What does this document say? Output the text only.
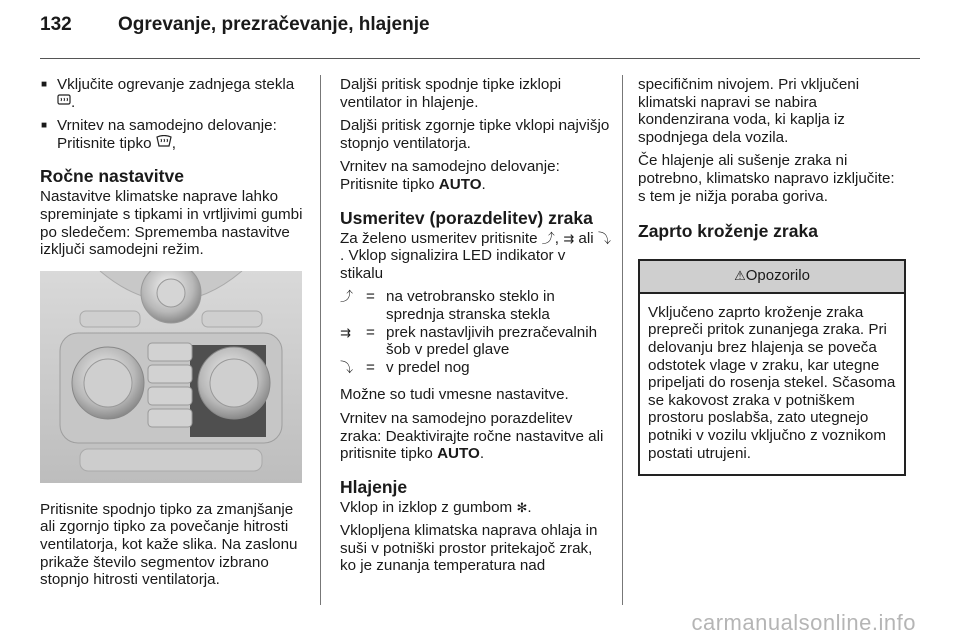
132 Ogrevanje, prezračevanje, hlajenje
■ Vključite ogrevanje zadnjega stekla .
■ Vrnitev na samodejno delovanje:
Pritisnite tipko ,
Ročne nastavitve

Nastavitve klimatske naprave lahko spreminjate s tipkami in vrtljivimi gumbi po sledečem: Sprememba nastavitve izključi samodejni režim.

Pritisnite spodnjo tipko za zmanjšanje ali zgornjo tipko za povečanje hitrosti ventilatorja, kot kaže slika. Na zaslonu prikaže število segmentov izbrano stopnjo hitrosti ventilatorja.

Dalјši pritisk spodnje tipke izklopi ventilator in hlajenje.

Daljši pritisk zgornje tipke vklopi najvišjo stopnjo ventilatorja.

Vrnitev na samodejno delovanje: Pritisnite tipko AUTO.

Usmeritev (porazdelitev) zraka

Za želeno usmeritev pritisnite ⤴, ⇉ ali ⤵. Vklop signalizira LED indikator v stikalu

⤴	=	na vetrobransko steklo in sprednja stranska stekla
⇉	=	prek nastavljivih prezračevalnih šob v predel glave
⤵	=	v predel nog

Možne so tudi vmesne nastavitve.

Vrnitev na samodejno porazdelitev zraka: Deaktivirajte ročne nastavitve ali pritisnite tipko AUTO.

Hlajenje

Vklop in izklop z gumbom ✻.

Vklopljena klimatska naprava ohlaja in suši v potniški prostor pritekajoč zrak, ko je zunanja temperatura nad

specifičnim nivojem. Pri vključeni klimatski napravi se nabira kondenzirana voda, ki kaplja iz spodnjega dela vozila.

Če hlajenje ali sušenje zraka ni potrebno, klimatsko napravo izključite: s tem je nižja poraba goriva.

Zaprto kroženje zraka
⚠Opozorilo
Vključeno zaprto kroženje zraka prepreči pritok zunanjega zraka. Pri delovanju brez hlajenja se poveča odstotek vlage v zraku, kar utegne pripeljati do rosenja stekel. Sčasoma se kakovost zraka v potniškem prostoru poslabša, zato utegnejo potniki v vozilu vključno z voznikom postati utrujeni.
carmanualsonline.info
